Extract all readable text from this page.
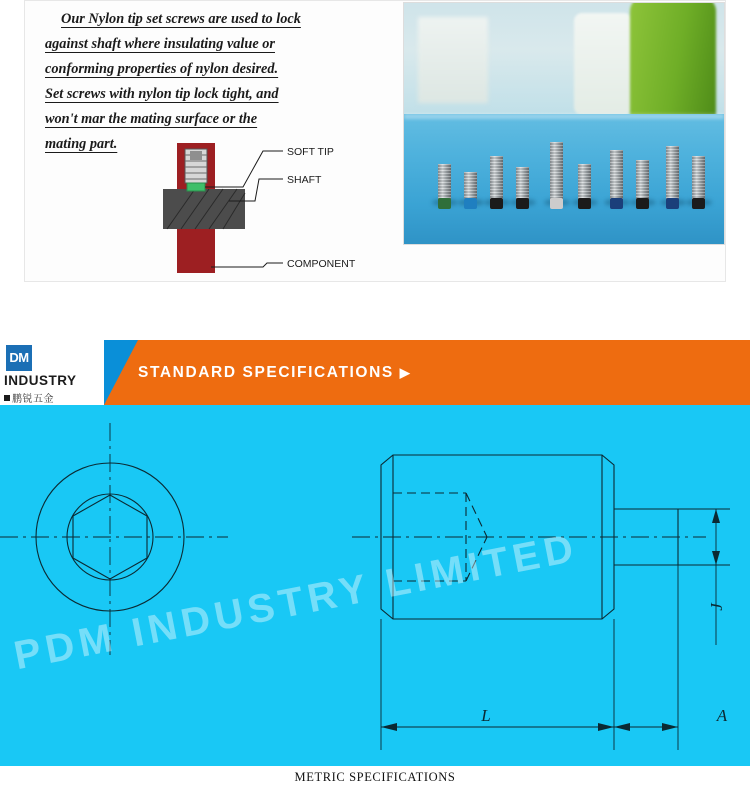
Our Nylon tip set screws are used to lock

against shaft where insulating value or

conforming properties of nylon desired.

Set screws with nylon tip lock tight, and

won't mar the mating surface or the

mating part.	SOFT TIP
SHAFT
COMPONENT
DM
INDUSTRY
鹏锐五金
STANDARD SPECIFICATIONS ▶
L
J
A
PDM INDUSTRY LIMITED
METRIC SPECIFICATIONS
